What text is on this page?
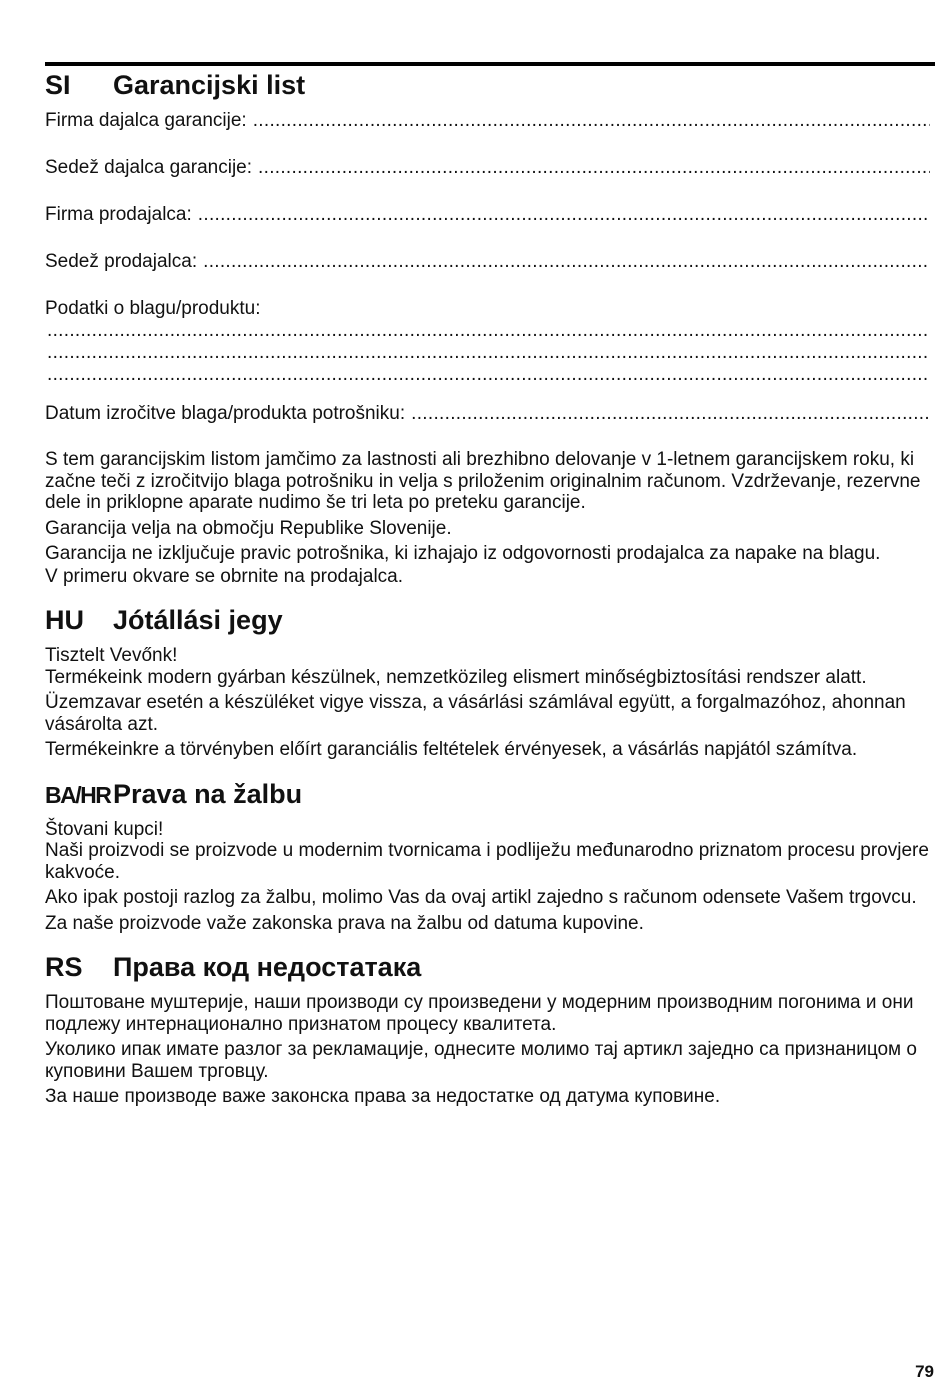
SI	Garancijski list
Firma dajalca garancije:
.....
Sedež dajalca garancije:
.....
Firma prodajalca:
.....
Sedež prodajalca:
.....
Podatki o blagu/produktu:
.....
.....
.....
Datum izročitve blaga/produkta potrošniku:
.....

S tem garancijskim listom jamčimo za lastnosti ali brezhibno delovanje v 1-letnem garancijskem roku, ki začne teči z izročitvijo blaga potrošniku in velja s priloženim originalnim računom. Vzdrževanje, rezervne dele in priklopne aparate nudimo še tri leta po preteku garancije.

Garancija velja na območju Republike Slovenije.

Garancija ne izključuje pravic potrošnika, ki izhajajo iz odgovornosti prodajalca za napake na blagu.

V primeru okvare se obrnite na prodajalca.

HU	Jótállási jegy

Tisztelt Vevőnk!

Termékeink modern gyárban készülnek, nemzetközileg elismert minőségbiztosítási rendszer alatt.

Üzemzavar esetén a készüléket vigye vissza, a vásárlási számlával együtt, a forgalmazóhoz, ahonnan vásárolta azt.

Termékeinkre a törvényben előírt garanciális feltételek érvényesek, a vásárlás napjától számítva.

BA/HR Prava na žalbu

Štovani kupci!

Naši proizvodi se proizvode u modernim tvornicama i podliježu međunarodno priznatom procesu provjere kakvoće.

Ako ipak postoji razlog za žalbu, molimo Vas da ovaj artikl zajedno s računom odensete Vašem trgovcu.

Za naše proizvode važe zakonska prava na žalbu od datuma kupovine.

RS	Права код недостатака

Поштоване муштерије, наши производи су произведени у модерним производним погонима и они подлежу интернационално признатом процесу квалитета.

Уколико ипак имате разлог за рекламације, однесите молимо тај артикл заједно са признаницом о куповини Вашем трговцу.

За наше производе важе законска права за недостатке од датума куповине.

79
